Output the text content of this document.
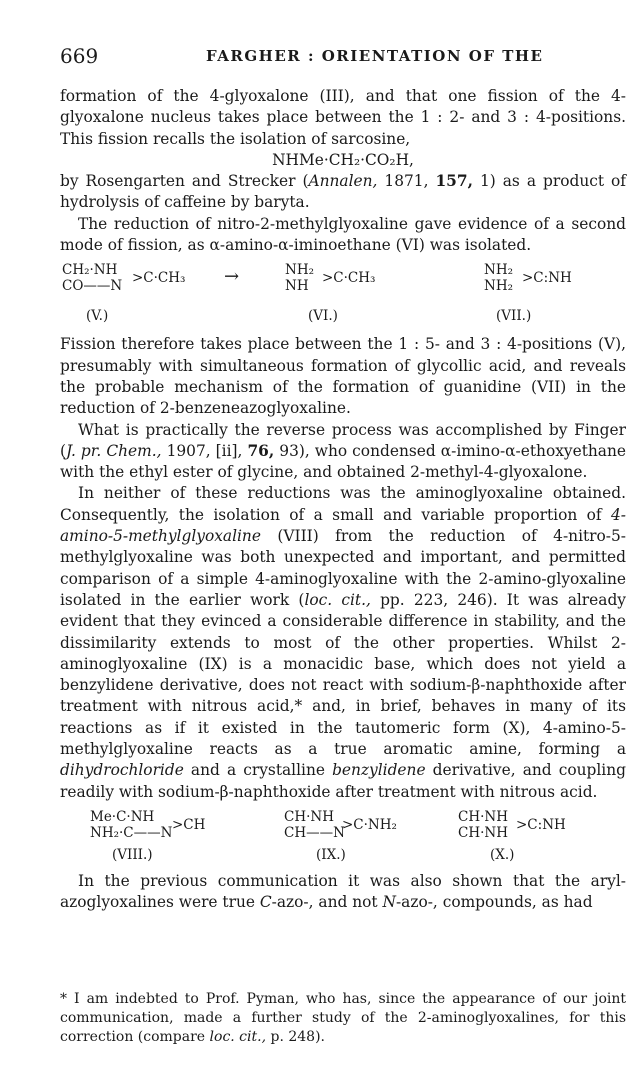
669	FARGHER : ORIENTATION OF THE

formation of the 4-glyoxalone (III), and that one fission of the 4-glyoxalone nucleus takes place between the 1 : 2- and 3 : 4-positions. This fission recalls the isolation of sarcosine,

NHMe·CH₂·CO₂H,

by Rosengarten and Strecker (Annalen, 1871, 157, 1) as a product of hydrolysis of caffeine by baryta.

The reduction of nitro-2-methylglyoxaline gave evidence of a second mode of fission, as α-amino-α-iminoethane (VI) was isolated.

CH₂·NH
CO——N >C·CH₃
(V.)
→	NH₂
NH >C·CH₃
(VI.)
NH₂
NH₂ >C:NH
(VII.)

Fission therefore takes place between the 1 : 5- and 3 : 4-positions (V), presumably with simultaneous formation of glycollic acid, and reveals the probable mechanism of the formation of guanidine (VII) in the reduction of 2-benzeneazoglyoxaline.

What is practically the reverse process was accomplished by Finger (J. pr. Chem., 1907, [ii], 76, 93), who condensed α-imino-α-ethoxyethane with the ethyl ester of glycine, and obtained 2-methyl-4-glyoxalone.

In neither of these reductions was the aminoglyoxaline obtained. Consequently, the isolation of a small and variable proportion of 4-amino-5-methylglyoxaline (VIII) from the reduction of 4-nitro-5-methylglyoxaline was both unexpected and important, and permitted comparison of a simple 4-aminoglyoxaline with the 2-amino-glyoxaline isolated in the earlier work (loc. cit., pp. 223, 246). It was already evident that they evinced a considerable difference in stability, and the dissimilarity extends to most of the other properties. Whilst 2-aminoglyoxaline (IX) is a monacidic base, which does not yield a benzylidene derivative, does not react with sodium-β-naphthoxide after treatment with nitrous acid,* and, in brief, behaves in many of its reactions as if it existed in the tautomeric form (X), 4-amino-5-methylglyoxaline reacts as a true aromatic amine, forming a dihydrochloride and a crystalline benzylidene derivative, and coupling readily with sodium-β-naphthoxide after treatment with nitrous acid.

Me·C·NH
NH₂·C——N >CH
(VIII.)
CH·NH
CH——N
>C·NH₂
(IX.)
CH·NH
CH·NH >C:NH
(X.)

In the previous communication it was also shown that the aryl-azoglyoxalines were true C-azo-, and not N-azo-, compounds, as had

* I am indebted to Prof. Pyman, who has, since the appearance of our joint communication, made a further study of the 2-aminoglyoxalines, for this correction (compare loc. cit., p. 248).
